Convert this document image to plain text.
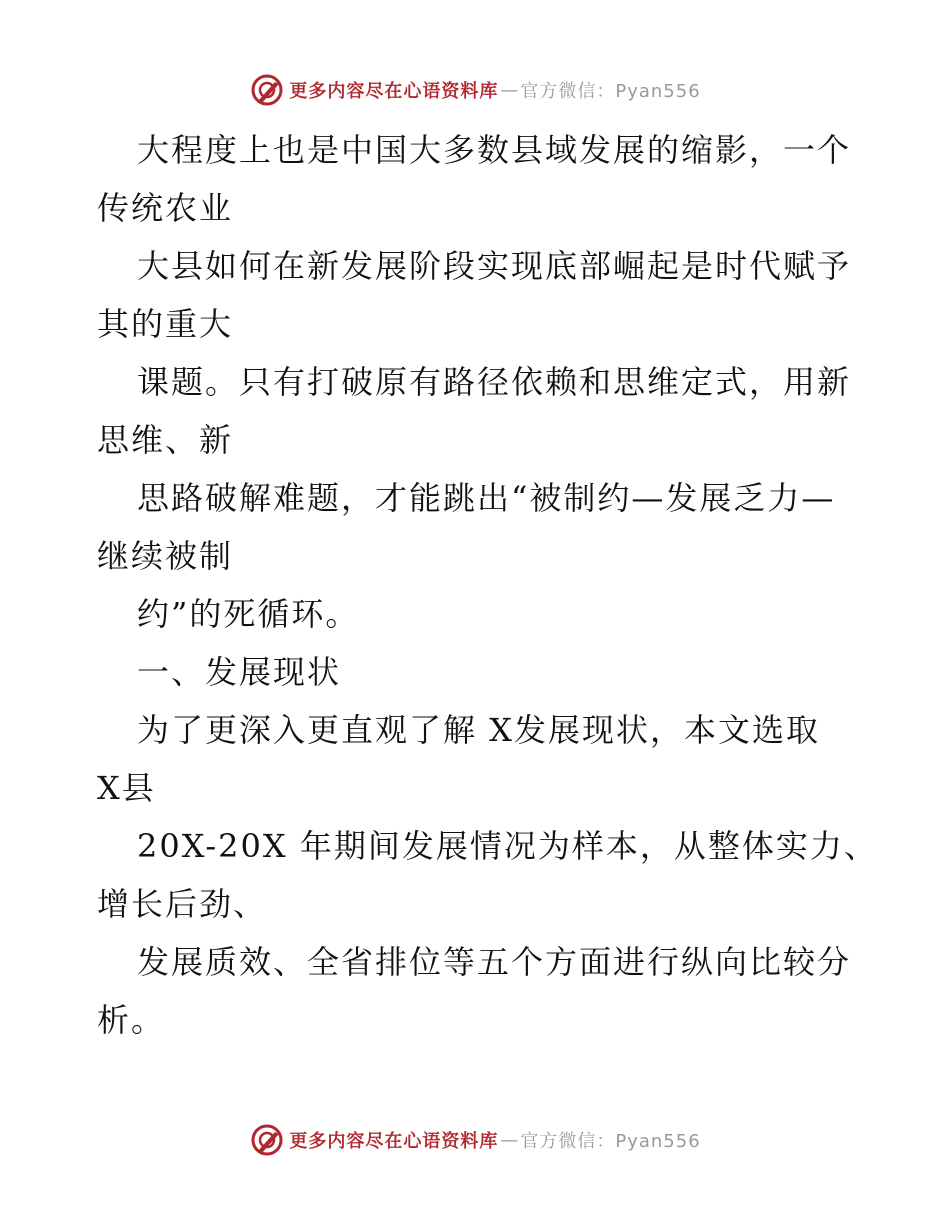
更多内容尽在心语资料库 — 官方微信：Pyan556
大程度上也是中国大多数县域发展的缩影，一个
传统农业
大县如何在新发展阶段实现底部崛起是时代赋予
其的重大
课题。只有打破原有路径依赖和思维定式，用新
思维、新
思路破解难题，才能跳出“被制约—发展乏力—
继续被制
约”的死循环。
一、发展现状
为了更深入更直观了解 X发展现状，本文选取
X县
20X-20X 年期间发展情况为样本，从整体实力、
增长后劲、
发展质效、全省排位等五个方面进行纵向比较分
析。
更多内容尽在心语资料库 — 官方微信：Pyan556
